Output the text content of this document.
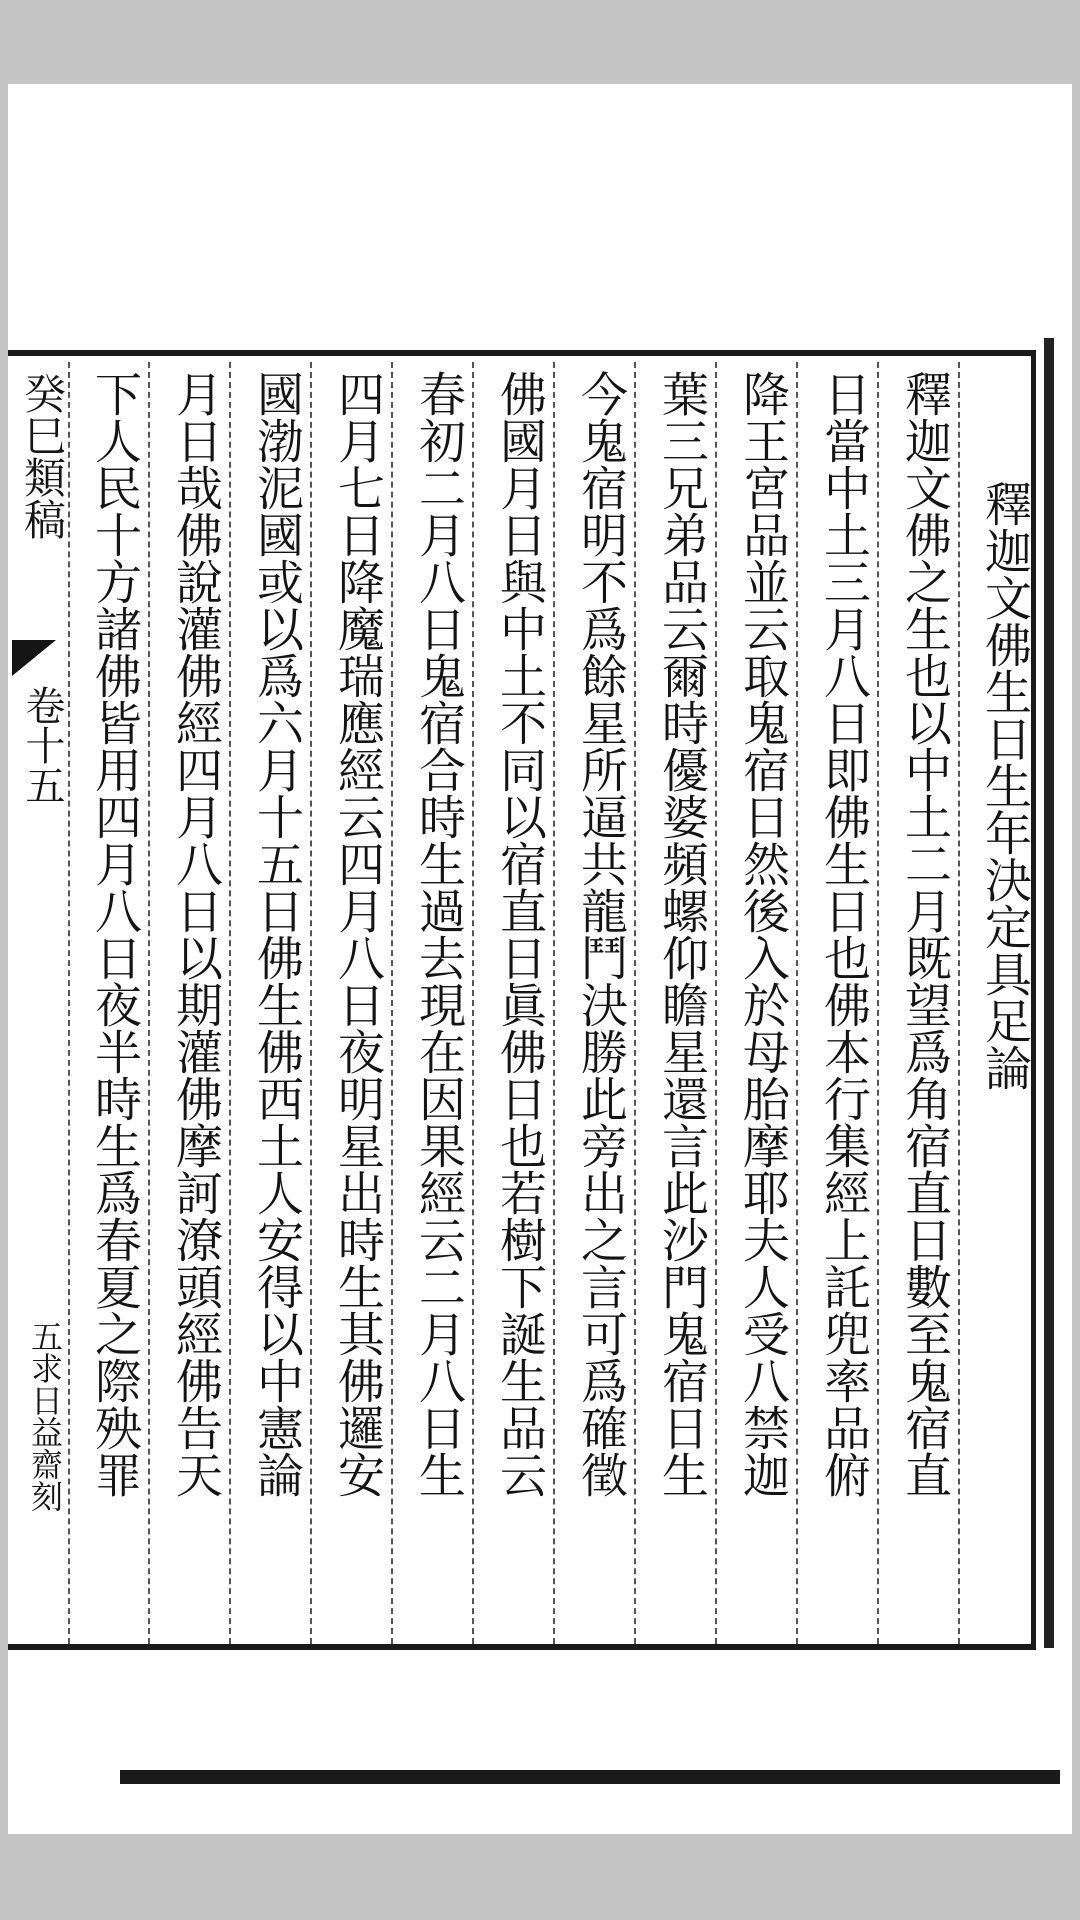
釋迦文佛生日生年決定具足論
釋迦文佛之生也以中土二月既望爲角宿直日數至鬼宿直
日當中土三月八日即佛生日也佛本行集經上託兜率品俯
降王宮品並云取鬼宿日然後入於母胎摩耶夫人受八禁迦
葉三兄弟品云爾時優婆頻螺仰瞻星還言此沙門鬼宿日生
今鬼宿明不爲餘星所逼共龍鬥決勝此旁出之言可爲確徵
佛國月日與中土不同以宿直日眞佛日也若樹下誕生品云
春初二月八日鬼宿合時生過去現在因果經云二月八日生
四月七日降魔瑞應經云四月八日夜明星出時生其佛邏安
國渤泥國或以爲六月十五日佛生佛西土人安得以中憲論
月日哉佛說灌佛經四月八日以期灌佛摩訶潦頭經佛告天
下人民十方諸佛皆用四月八日夜半時生爲春夏之際殃罪
癸巳類稿
卷十五
五求日益齋刻
